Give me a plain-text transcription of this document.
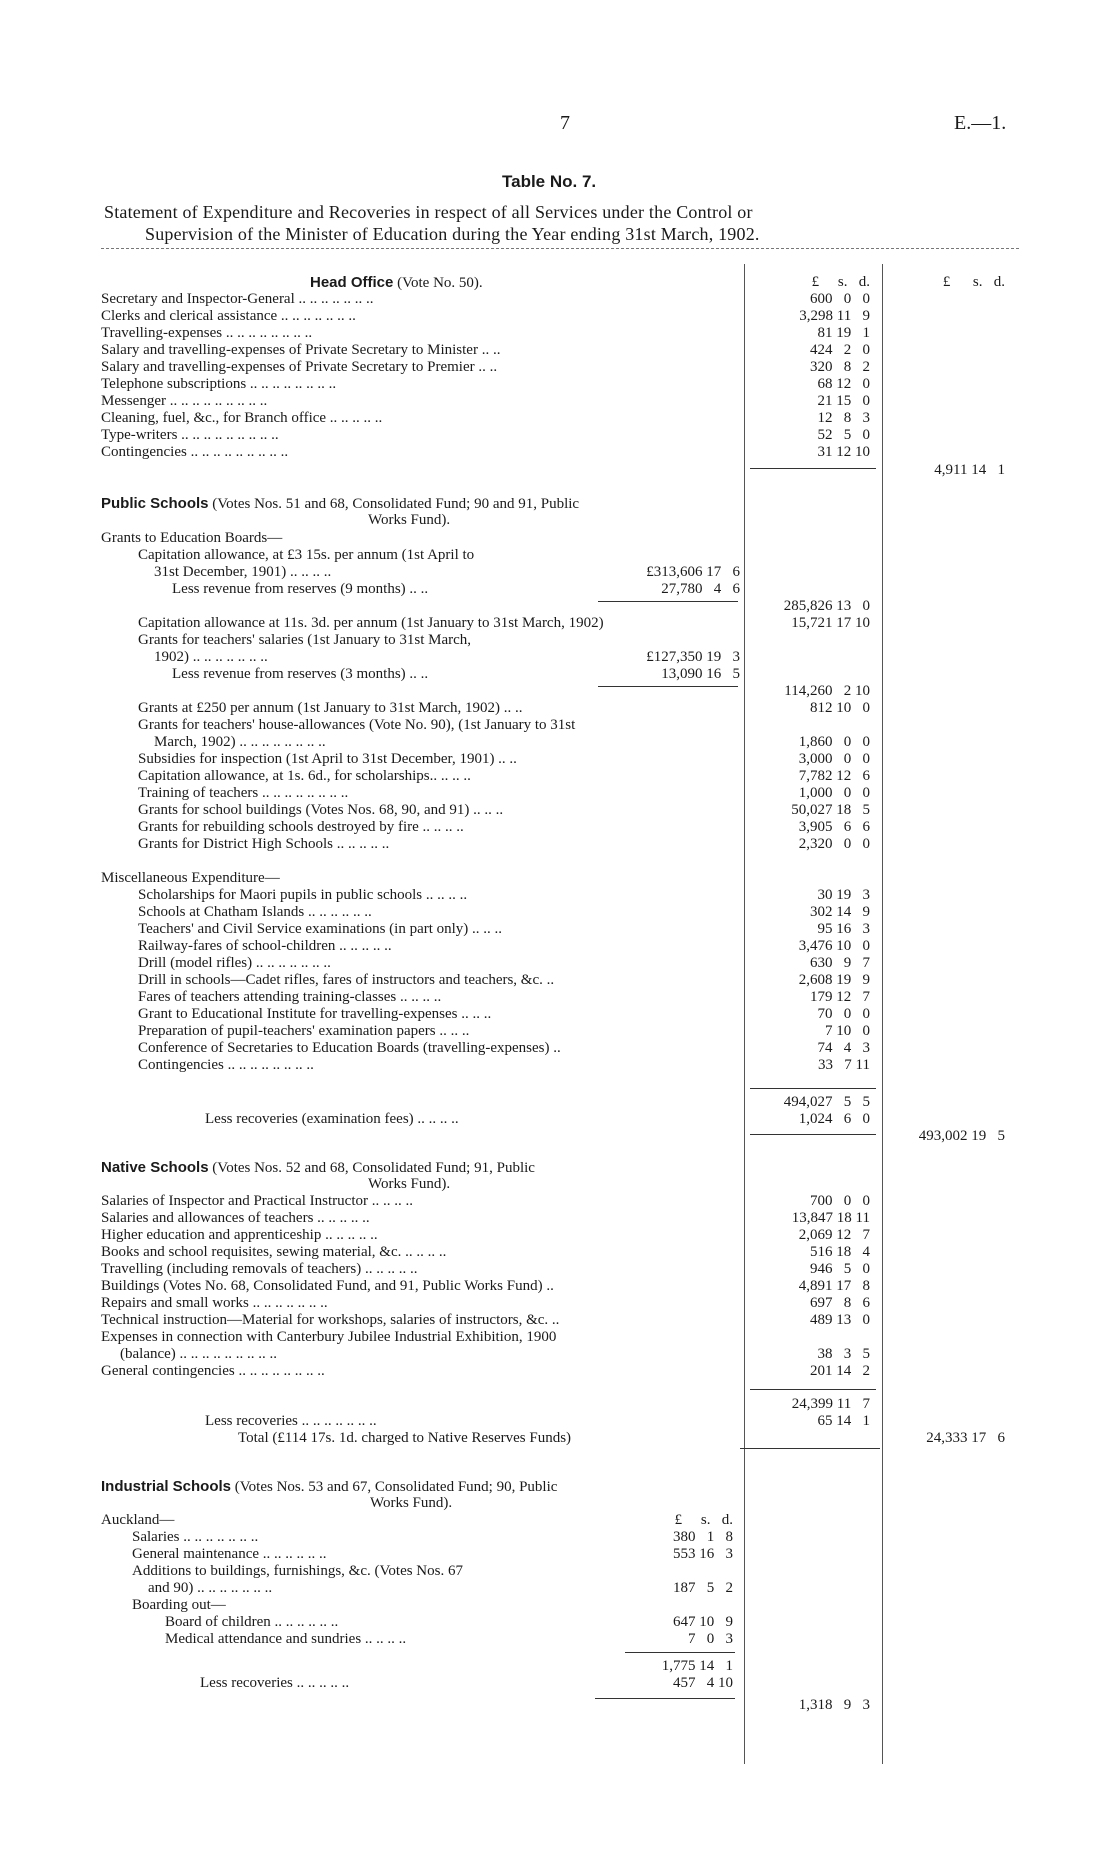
7	E.—1.
Table No. 7.
Statement of Expenditure and Recoveries in respect of all Services under the Control or
Supervision of the Minister of Education during the Year ending 31st March, 1902.
£     s.   d.	£      s.   d.
Head Office (Vote No. 50).
Secretary and Inspector-General .. .. .. .. .. .. ..	600   0   0
Clerks and clerical assistance .. .. .. .. .. .. ..	3,298 11   9
Travelling-expenses .. .. .. .. .. .. .. ..	81 19   1
Salary and travelling-expenses of Private Secretary to Minister .. ..	424   2   0
Salary and travelling-expenses of Private Secretary to Premier .. ..	320   8   2
Telephone subscriptions .. .. .. .. .. .. .. ..	68 12   0
Messenger .. .. .. .. .. .. .. .. ..	21 15   0
Cleaning, fuel, &c., for Branch office .. .. .. .. ..	12   8   3
Type-writers .. .. .. .. .. .. .. .. ..	52   5   0
Contingencies .. .. .. .. .. .. .. .. ..	31 12 10
4,911 14   1
Public Schools (Votes Nos. 51 and 68, Consolidated Fund; 90 and 91, Public
Works Fund).
Grants to Education Boards—
Capitation allowance, at £3 15s. per annum (1st April to
31st December, 1901) .. .. .. ..	£313,606 17   6
Less revenue from reserves (9 months) .. ..	27,780   4   6
285,826 13   0
Capitation allowance at 11s. 3d. per annum (1st January to 31st March, 1902)	15,721 17 10
Grants for teachers' salaries (1st January to 31st March,
1902) .. .. .. .. .. .. ..	£127,350 19   3
Less revenue from reserves (3 months) .. ..	13,090 16   5
114,260   2 10
Grants at £250 per annum (1st January to 31st March, 1902) .. ..	812 10   0
Grants for teachers' house-allowances (Vote No. 90), (1st January to 31st
March, 1902) .. .. .. .. .. .. .. ..	1,860   0   0
Subsidies for inspection (1st April to 31st December, 1901) .. ..	3,000   0   0
Capitation allowance, at 1s. 6d., for scholarships.. .. .. ..	7,782 12   6
Training of teachers .. .. .. .. .. .. .. ..	1,000   0   0
Grants for school buildings (Votes Nos. 68, 90, and 91) .. .. ..	50,027 18   5
Grants for rebuilding schools destroyed by fire .. .. .. ..	3,905   6   6
Grants for District High Schools .. .. .. .. ..	2,320   0   0
Miscellaneous Expenditure—
Scholarships for Maori pupils in public schools .. .. .. ..	30 19   3
Schools at Chatham Islands .. .. .. .. .. ..	302 14   9
Teachers' and Civil Service examinations (in part only) .. .. ..	95 16   3
Railway-fares of school-children .. .. .. .. ..	3,476 10   0
Drill (model rifles) .. .. .. .. .. .. ..	630   9   7
Drill in schools—Cadet rifles, fares of instructors and teachers, &c. ..	2,608 19   9
Fares of teachers attending training-classes .. .. .. ..	179 12   7
Grant to Educational Institute for travelling-expenses .. .. ..	70   0   0
Preparation of pupil-teachers' examination papers .. .. ..	7 10   0
Conference of Secretaries to Education Boards (travelling-expenses) ..	74   4   3
Contingencies .. .. .. .. .. .. .. ..	33   7 11
494,027   5   5
Less recoveries (examination fees) .. .. .. ..	1,024   6   0
493,002 19   5
Native Schools (Votes Nos. 52 and 68, Consolidated Fund; 91, Public
Works Fund).
Salaries of Inspector and Practical Instructor .. .. .. ..	700   0   0
Salaries and allowances of teachers .. .. .. .. ..	13,847 18 11
Higher education and apprenticeship .. .. .. .. ..	2,069 12   7
Books and school requisites, sewing material, &c. .. .. .. ..	516 18   4
Travelling (including removals of teachers) .. .. .. .. ..	946   5   0
Buildings (Votes No. 68, Consolidated Fund, and 91, Public Works Fund) ..	4,891 17   8
Repairs and small works .. .. .. .. .. .. ..	697   8   6
Technical instruction—Material for workshops, salaries of instructors, &c. ..	489 13   0
Expenses in connection with Canterbury Jubilee Industrial Exhibition, 1900
(balance) .. .. .. .. .. .. .. .. ..	38   3   5
General contingencies .. .. .. .. .. .. .. ..	201 14   2
24,399 11   7
Less recoveries .. .. .. .. .. .. ..	65 14   1
Total (£114 17s. 1d. charged to Native Reserves Funds)	24,333 17   6
Industrial Schools (Votes Nos. 53 and 67, Consolidated Fund; 90, Public
Works Fund).
Auckland—	£     s.   d.
Salaries .. .. .. .. .. .. ..	380   1   8
General maintenance .. .. .. .. .. ..	553 16   3
Additions to buildings, furnishings, &c. (Votes Nos. 67
and 90) .. .. .. .. .. .. ..	187   5   2
Boarding out—
Board of children .. .. .. .. .. ..	647 10   9
Medical attendance and sundries .. .. .. ..	7   0   3
1,775 14   1
Less recoveries .. .. .. .. ..	457   4 10
1,318   9   3
